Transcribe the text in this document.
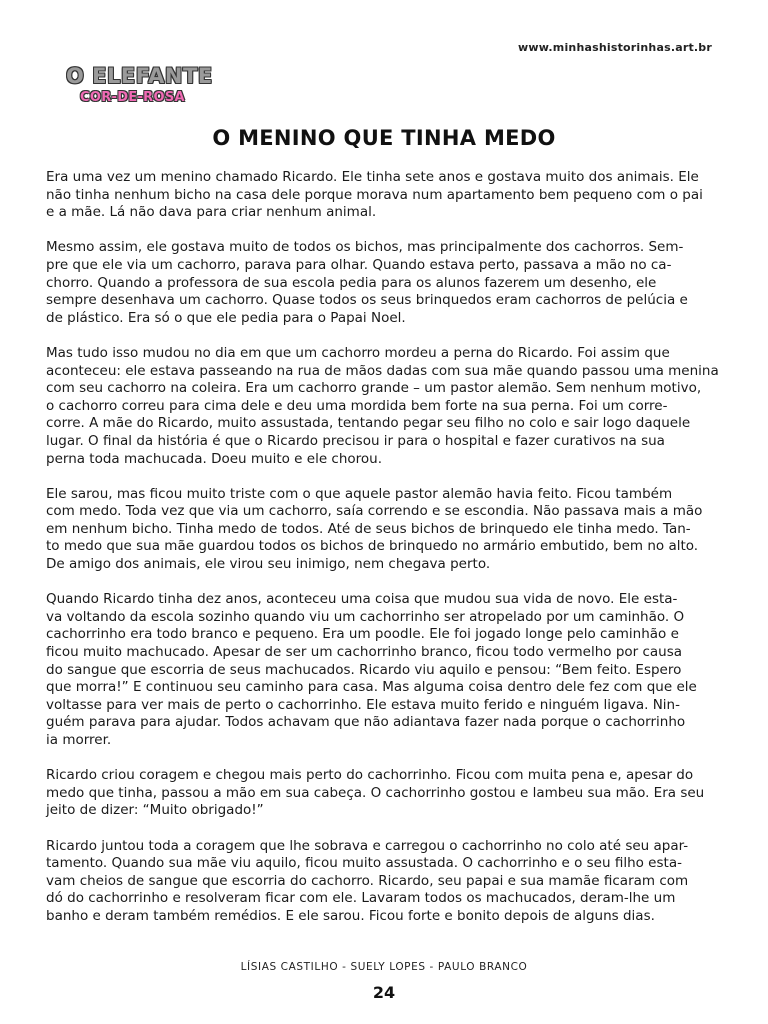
www.minhashistorinhas.art.br
O ELEFANTE
COR-DE-ROSA
O MENINO QUE TINHA MEDO

Era uma vez um menino chamado Ricardo. Ele tinha sete anos e gostava muito dos animais. Ele
não tinha nenhum bicho na casa dele porque morava num apartamento bem pequeno com o pai
e a mãe. Lá não dava para criar nenhum animal.

Mesmo assim, ele gostava muito de todos os bichos, mas principalmente dos cachorros. Sem-
pre que ele via um cachorro, parava para olhar. Quando estava perto, passava a mão no ca-
chorro. Quando a professora de sua escola pedia para os alunos fazerem um desenho, ele
sempre desenhava um cachorro. Quase todos os seus brinquedos eram cachorros de pelúcia e
de plástico. Era só o que ele pedia para o Papai Noel.

Mas tudo isso mudou no dia em que um cachorro mordeu a perna do Ricardo. Foi assim que
aconteceu: ele estava passeando na rua de mãos dadas com sua mãe quando passou uma menina
com seu cachorro na coleira. Era um cachorro grande – um pastor alemão. Sem nenhum motivo,
o cachorro correu para cima dele e deu uma mordida bem forte na sua perna. Foi um corre-
corre. A mãe do Ricardo, muito assustada, tentando pegar seu filho no colo e sair logo daquele
lugar. O final da história é que o Ricardo precisou ir para o hospital e fazer curativos na sua
perna toda machucada. Doeu muito e ele chorou.

Ele sarou, mas ficou muito triste com o que aquele pastor alemão havia feito. Ficou também
com medo. Toda vez que via um cachorro, saía correndo e se escondia. Não passava mais a mão
em nenhum bicho. Tinha medo de todos. Até de seus bichos de brinquedo ele tinha medo. Tan-
to medo que sua mãe guardou todos os bichos de brinquedo no armário embutido, bem no alto.
De amigo dos animais, ele virou seu inimigo, nem chegava perto.

Quando Ricardo tinha dez anos, aconteceu uma coisa que mudou sua vida de novo. Ele esta-
va voltando da escola sozinho quando viu um cachorrinho ser atropelado por um caminhão. O
cachorrinho era todo branco e pequeno. Era um poodle. Ele foi jogado longe pelo caminhão e
ficou muito machucado. Apesar de ser um cachorrinho branco, ficou todo vermelho por causa
do sangue que escorria de seus machucados. Ricardo viu aquilo e pensou: “Bem feito. Espero
que morra!” E continuou seu caminho para casa. Mas alguma coisa dentro dele fez com que ele
voltasse para ver mais de perto o cachorrinho. Ele estava muito ferido e ninguém ligava. Nin-
guém parava para ajudar. Todos achavam que não adiantava fazer nada porque o cachorrinho
ia morrer.

Ricardo criou coragem e chegou mais perto do cachorrinho. Ficou com muita pena e, apesar do
medo que tinha, passou a mão em sua cabeça. O cachorrinho gostou e lambeu sua mão. Era seu
jeito de dizer: “Muito obrigado!”

Ricardo juntou toda a coragem que lhe sobrava e carregou o cachorrinho no colo até seu apar-
tamento. Quando sua mãe viu aquilo, ficou muito assustada. O cachorrinho e o seu filho esta-
vam cheios de sangue que escorria do cachorro. Ricardo, seu papai e sua mamãe ficaram com
dó do cachorrinho e resolveram ficar com ele. Lavaram todos os machucados, deram-lhe um
banho e deram também remédios. E ele sarou. Ficou forte e bonito depois de alguns dias.

LÍSIAS CASTILHO - SUELY LOPES - PAULO BRANCO
24
